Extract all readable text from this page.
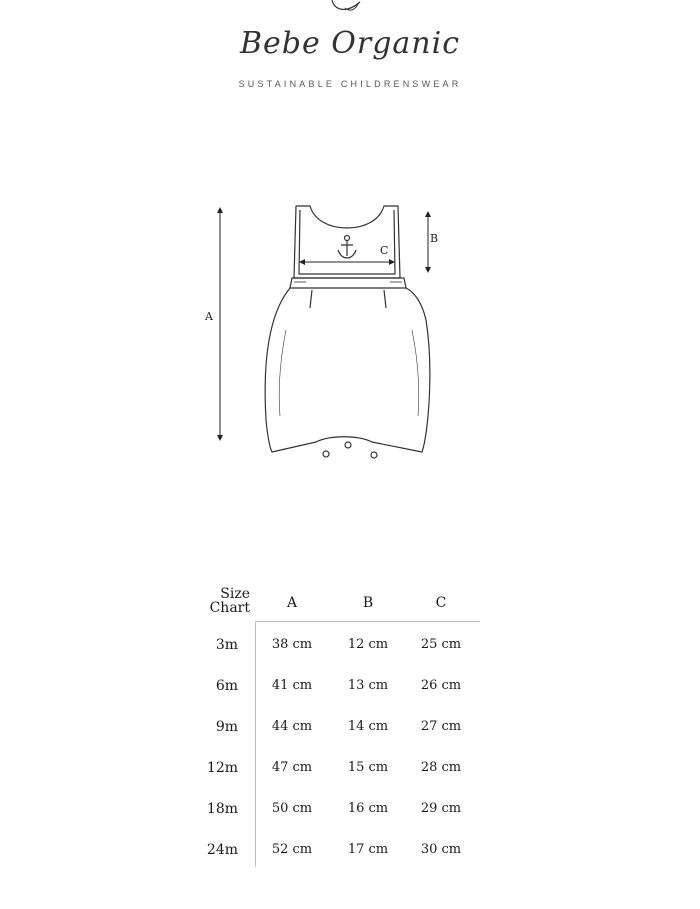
Bebe Organic
SUSTAINABLE CHILDRENSWEAR
A
B
C
Size
Chart	A	B	C
3m	38 cm	12 cm	25 cm
6m	41 cm	13 cm	26 cm
9m	44 cm	14 cm	27 cm
12m	47 cm	15 cm	28 cm
18m	50 cm	16 cm	29 cm
24m	52 cm	17 cm	30 cm
